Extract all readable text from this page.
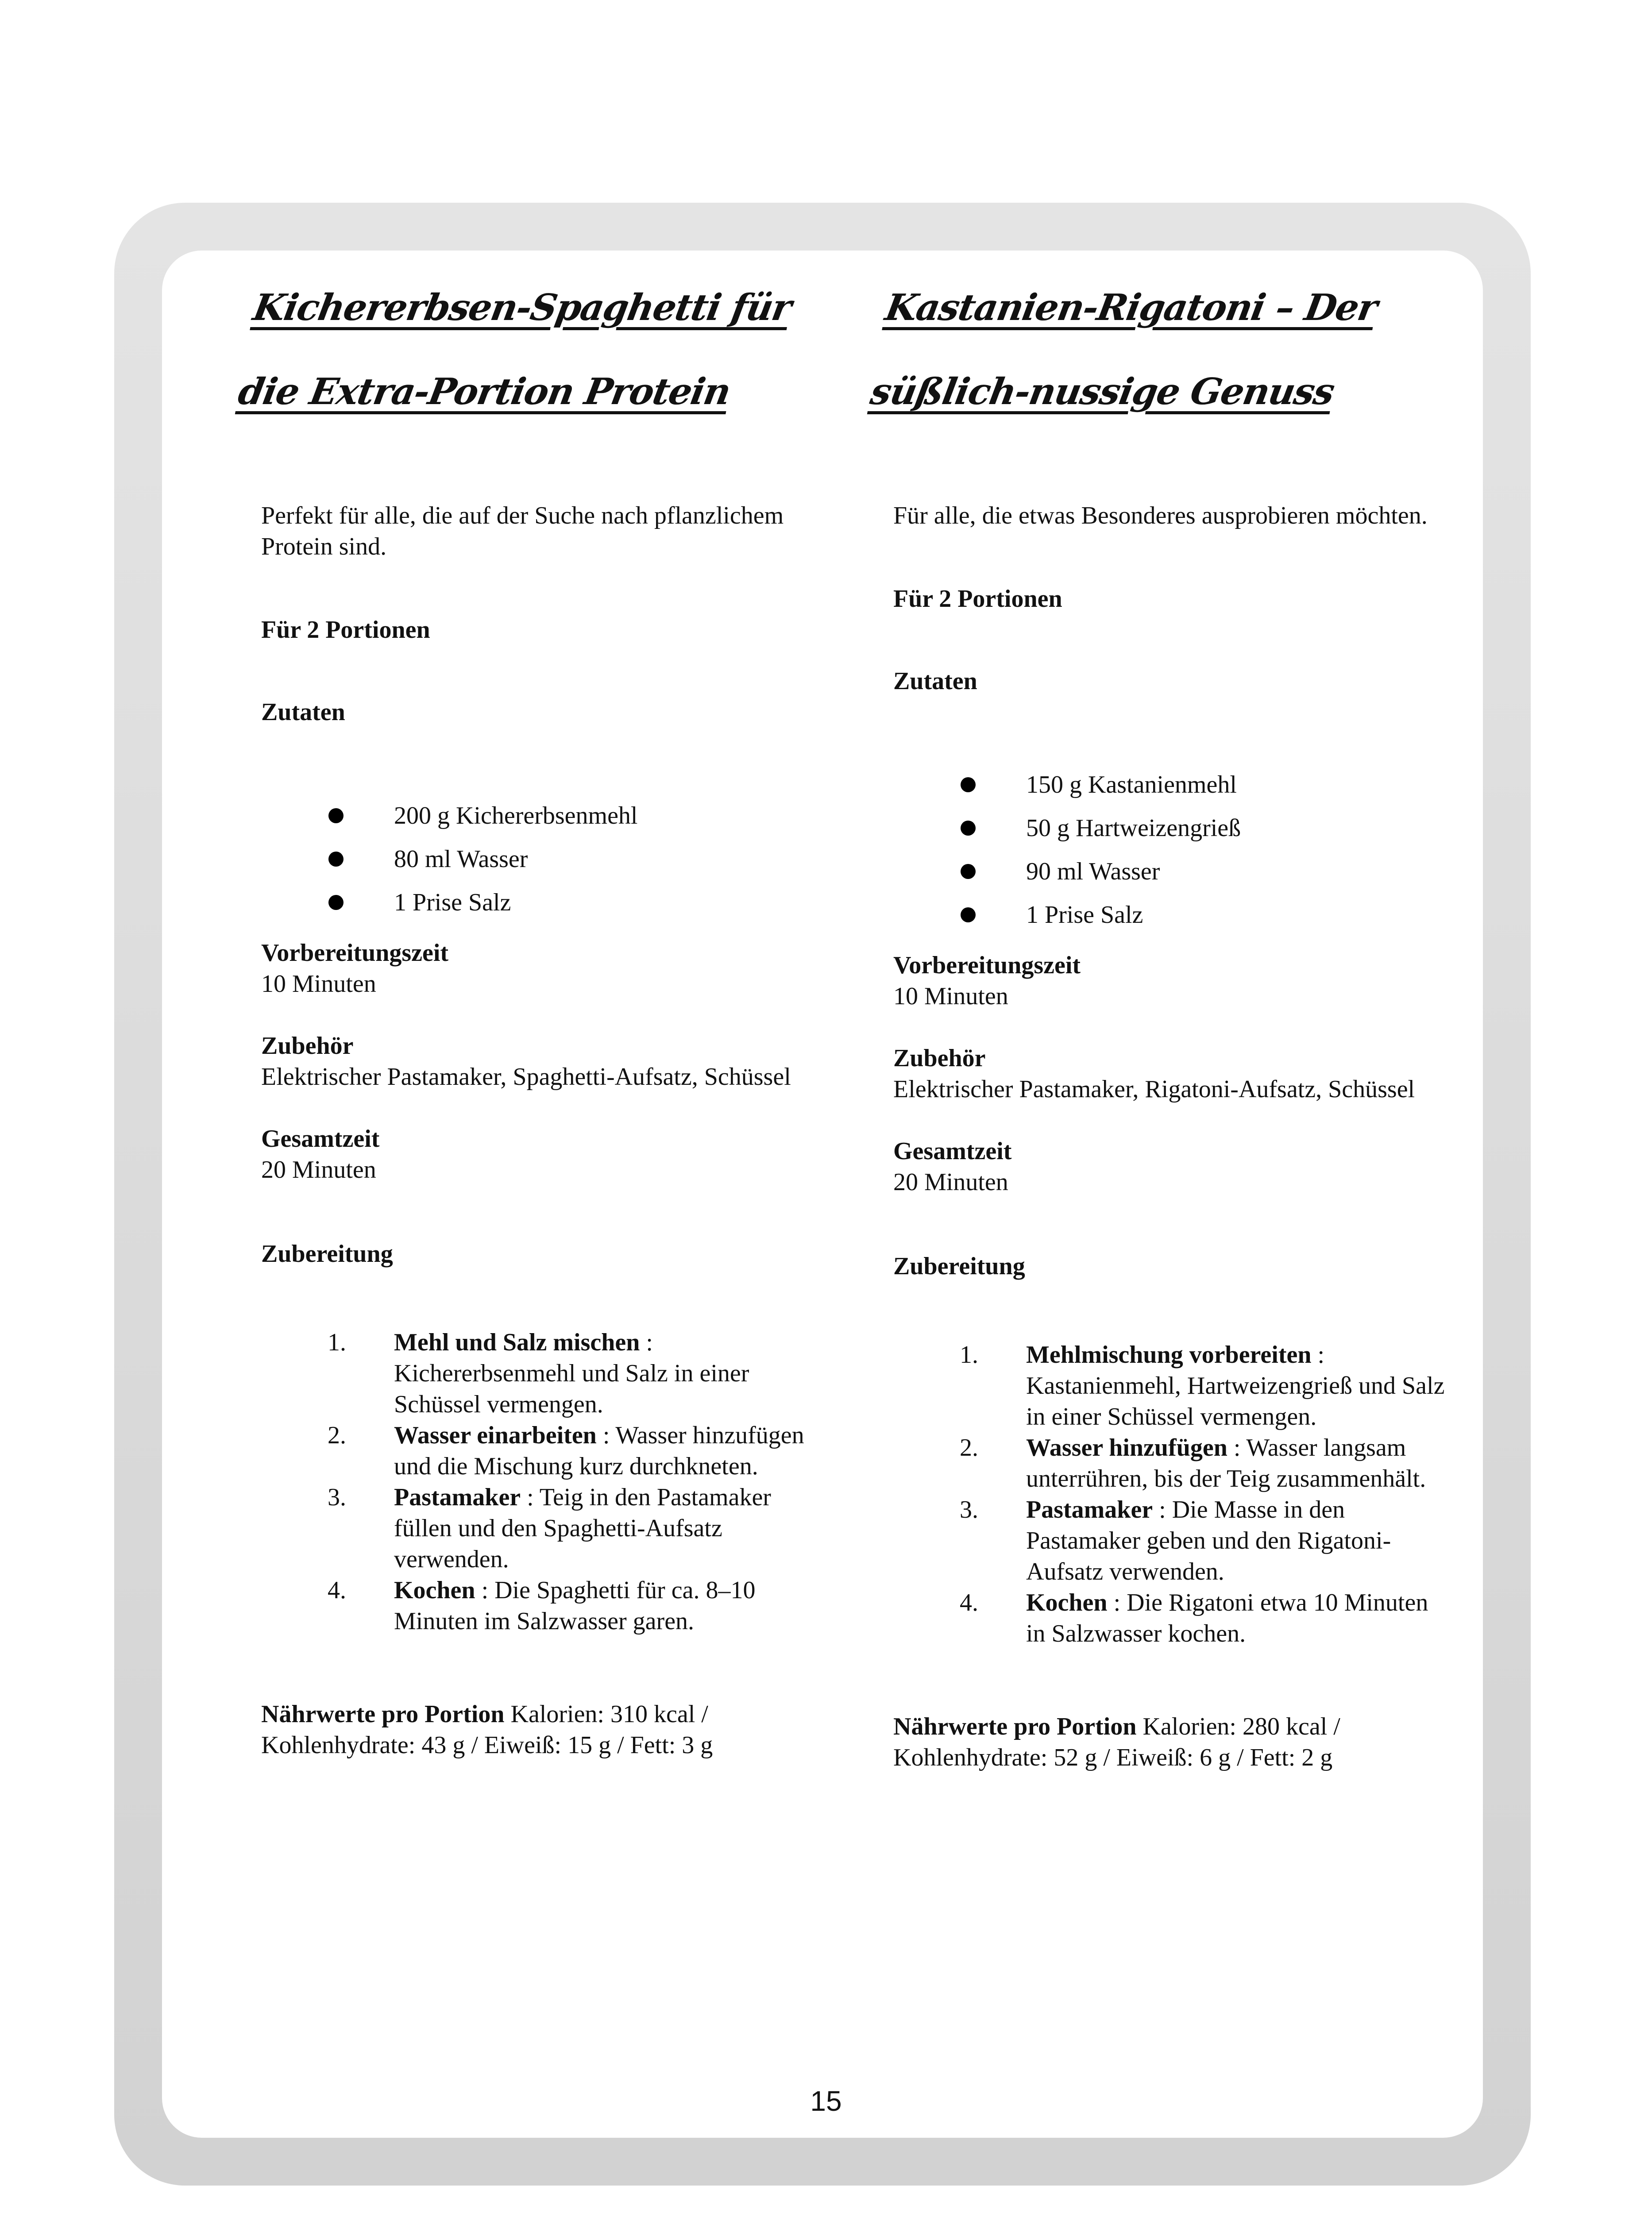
Kichererbsen-Spaghetti für die Extra-Portion Protein

Perfekt für alle, die auf der Suche nach pflanzlichem Protein sind.

Für 2 Portionen
Zutaten
200 g Kichererbsenmehl
80 ml Wasser
1 Prise Salz
Vorbereitungszeit
10 Minuten
Zubehör
Elektrischer Pastamaker, Spaghetti-Aufsatz, Schüssel
Gesamtzeit
20 Minuten
Zubereitung
1. Mehl und Salz mischen : Kichererbsenmehl und Salz in einer Schüssel vermengen.
2. Wasser einarbeiten : Wasser hinzufügen und die Mischung kurz durchkneten.
3. Pastamaker : Teig in den Pastamaker füllen und den Spaghetti-Aufsatz verwenden.
4. Kochen : Die Spaghetti für ca. 8–10 Minuten im Salzwasser garen.
Nährwerte pro Portion Kalorien: 310 kcal / Kohlenhydrate: 43 g / Eiweiß: 15 g / Fett: 3 g
Kastanien-Rigatoni – Der süßlich-nussige Genuss

Für alle, die etwas Besonderes ausprobieren möchten.

Für 2 Portionen
Zutaten
150 g Kastanienmehl
50 g Hartweizengrieß
90 ml Wasser
1 Prise Salz
Vorbereitungszeit
10 Minuten
Zubehör
Elektrischer Pastamaker, Rigatoni-Aufsatz, Schüssel
Gesamtzeit
20 Minuten
Zubereitung
1. Mehlmischung vorbereiten : Kastanienmehl, Hartweizengrieß und Salz in einer Schüssel vermengen.
2. Wasser hinzufügen : Wasser langsam unterrühren, bis der Teig zusammenhält.
3. Pastamaker : Die Masse in den Pastamaker geben und den Rigatoni-Aufsatz verwenden.
4. Kochen : Die Rigatoni etwa 10 Minuten in Salzwasser kochen.
Nährwerte pro Portion Kalorien: 280 kcal / Kohlenhydrate: 52 g / Eiweiß: 6 g / Fett: 2 g
15
